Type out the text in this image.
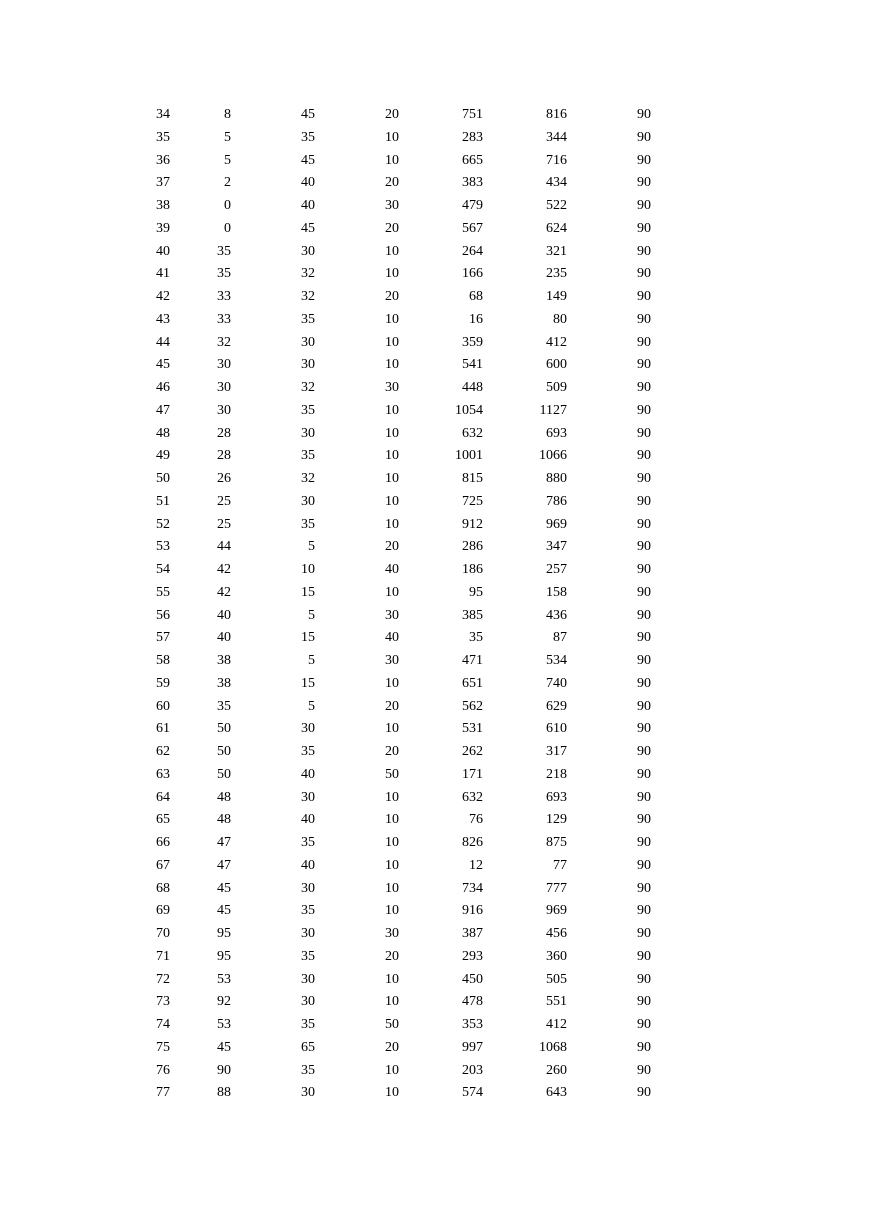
34	8	45	20	751	816	90
35	5	35	10	283	344	90
36	5	45	10	665	716	90
37	2	40	20	383	434	90
38	0	40	30	479	522	90
39	0	45	20	567	624	90
40	35	30	10	264	321	90
41	35	32	10	166	235	90
42	33	32	20	68	149	90
43	33	35	10	16	80	90
44	32	30	10	359	412	90
45	30	30	10	541	600	90
46	30	32	30	448	509	90
47	30	35	10	1054	1127	90
48	28	30	10	632	693	90
49	28	35	10	1001	1066	90
50	26	32	10	815	880	90
51	25	30	10	725	786	90
52	25	35	10	912	969	90
53	44	5	20	286	347	90
54	42	10	40	186	257	90
55	42	15	10	95	158	90
56	40	5	30	385	436	90
57	40	15	40	35	87	90
58	38	5	30	471	534	90
59	38	15	10	651	740	90
60	35	5	20	562	629	90
61	50	30	10	531	610	90
62	50	35	20	262	317	90
63	50	40	50	171	218	90
64	48	30	10	632	693	90
65	48	40	10	76	129	90
66	47	35	10	826	875	90
67	47	40	10	12	77	90
68	45	30	10	734	777	90
69	45	35	10	916	969	90
70	95	30	30	387	456	90
71	95	35	20	293	360	90
72	53	30	10	450	505	90
73	92	30	10	478	551	90
74	53	35	50	353	412	90
75	45	65	20	997	1068	90
76	90	35	10	203	260	90
77	88	30	10	574	643	90
